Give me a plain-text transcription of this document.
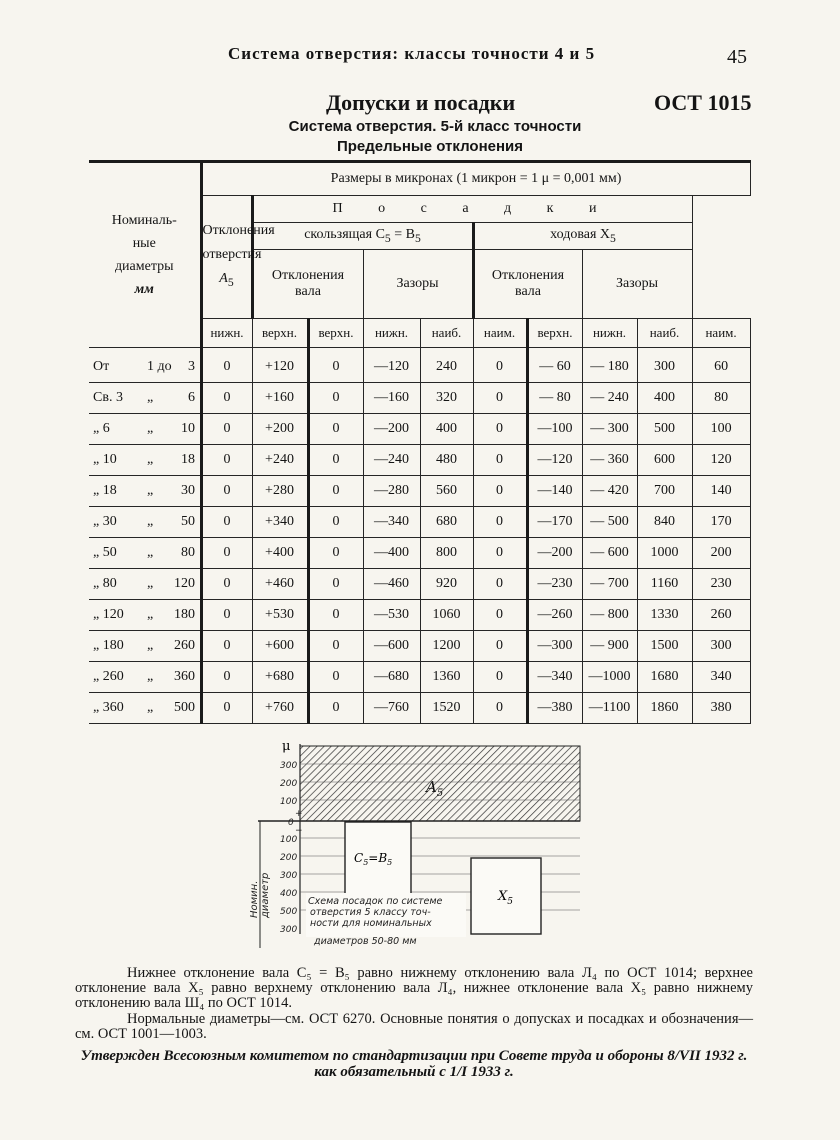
Система отверстия: классы точности 4 и 5	45
Допуски и посадки	ОСТ 1015
Система отверстия. 5-й класс точности
Предельные отклонения
Номиналь-
ные
диаметры
мм	Размеры в микронах (1 микрон = 1 μ = 0,001 мм)									
	Отклонения
отверстия
$A_5$	П о с а д к и								
		скользящая $C_5 = B_5$				ходовая $X_5$
		Отклонения
вала		Зазоры		Отклонения
вала		Зазоры		
	нижн.	верхн.	верхн.	нижн.	наиб.	наим.	верхн.	нижн.	наиб.	наим.
От 1 до 3	0	+120	0	—120	240	0	— 60	— 180	300	60
Св. 3 „ 6	0	+160	0	—160	320	0	— 80	— 240	400	80
„ 6 „ 10	0	+200	0	—200	400	0	—100	— 300	500	100
„ 10 „ 18	0	+240	0	—240	480	0	—120	— 360	600	120
„ 18 „ 30	0	+280	0	—280	560	0	—140	— 420	700	140
„ 30 „ 50	0	+340	0	—340	680	0	—170	— 500	840	170
„ 50 „ 80	0	+400	0	—400	800	0	—200	— 600	1000	200
„ 80 „ 120	0	+460	0	—460	920	0	—230	— 700	1160	230
„ 120 „ 180	0	+530	0	—530	1060	0	—260	— 800	1330	260
„ 180 „ 260	0	+600	0	—600	1200	0	—300	— 900	1500	300
„ 260 „ 360	0	+680	0	—680	1360	0	—340	—1000	1680	340
„ 360 „ 500	0	+760	0	—760	1520	0	—380	—1100	1860	380
μ
$A_5$
300
200
100
0
+
−
100
200
300
400
500
300
Номин.диаметр
$C_5=B_5$
$X_5$
Схема посадок по системе
отверстия 5 классу точ-
ности для номинальных
диаметров 50-80 мм
Нижнее отклонение вала C₅ = B₅ равно нижнему отклонению вала Л₄ по ОСТ 1014; верхнее отклонение вала X₅ равно верхнему отклонению вала Л₄, нижнее отклонение вала X₅ равно нижнему отклонению вала Ш₄ по ОСТ 1014.
Нормальные диаметры—см. ОСТ 6270. Основные понятия о допусках и посадках и обозначения—см. ОСТ 1001—1003.
Утвержден Всесоюзным комитетом по стандартизации при Совете труда и обороны 8/VII 1932 г. как обязательный с 1/I 1933 г.
